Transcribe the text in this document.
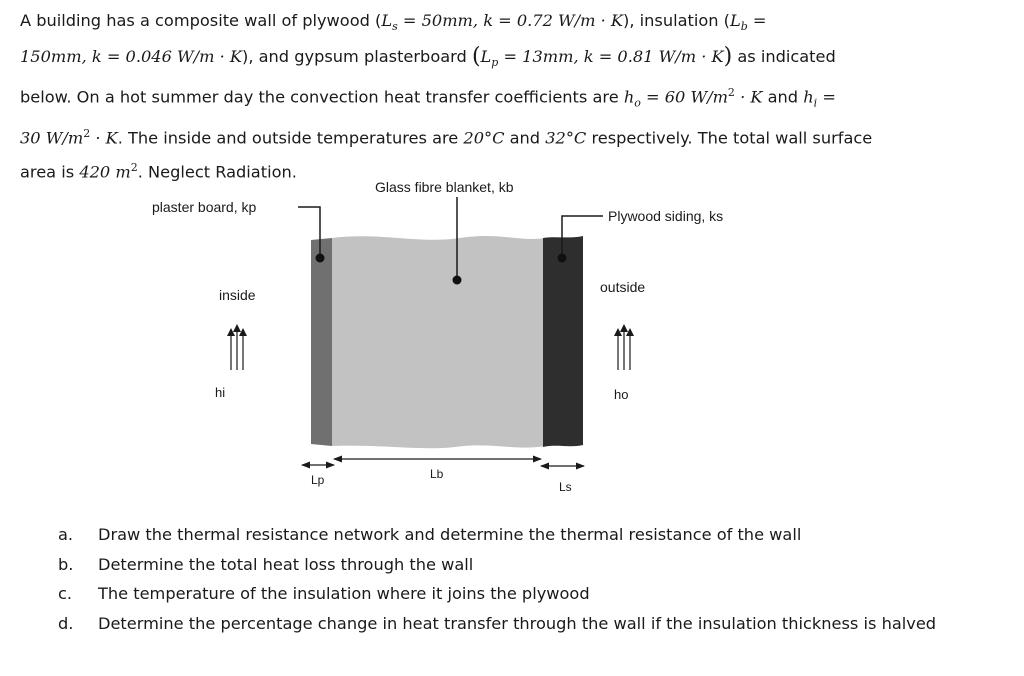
A building has a composite wall of plywood ($L_s = 50mm$, k = 0.72 W/m · K), insulation ($L_b$ =

150mm, k = 0.046 W/m · K), and gypsum plasterboard ($L_p = 13mm$, k = 0.81 W/m · K) as indicated

below. On a hot summer day the convection heat transfer coefficients are $h_o = 60$ $W/m^2 \cdot K$ and $h_i$ =

30 $W/m^2 \cdot K$. The inside and outside temperatures are 20°C and 32°C respectively. The total wall surface

area is 420 $m^2$. Neglect Radiation.

plaster board, kp
Glass fibre blanket, kb
Plywood siding, ks
inside
hi
outside
ho
Lp	Lb
Ls
a.	Draw the thermal resistance network and determine the thermal resistance of the wall
b.	Determine the total heat loss through the wall
c.	The temperature of the insulation where it joins the plywood
d.	Determine the percentage change in heat transfer through the wall if the insulation thickness is halved
